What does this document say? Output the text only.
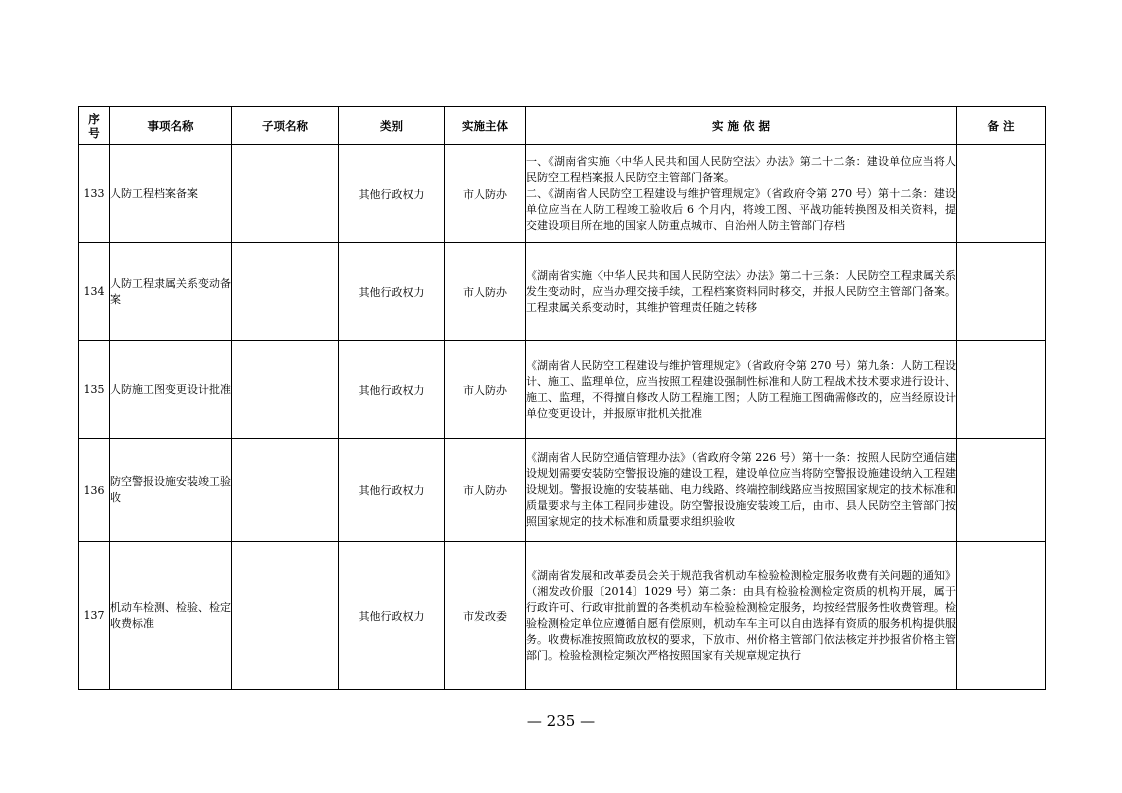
序
号	事项名称	子项名称	类别	实施主体	实 施 依 据	备 注
133	人防工程档案备案		其他行政权力	市人防办	一、《湖南省实施〈中华人民共和国人民防空法〉办法》第二十二条：建设单位应当将人民防空工程档案报人民防空主管部门备案。
二、《湖南省人民防空工程建设与维护管理规定》（省政府令第 270 号）第十二条：建设单位应当在人防工程竣工验收后 6 个月内，将竣工图、平战功能转换图及相关资料，提交建设项目所在地的国家人防重点城市、自治州人防主管部门存档	
134	人防工程隶属关系变动备案		其他行政权力	市人防办	《湖南省实施〈中华人民共和国人民防空法〉办法》第二十三条：人民防空工程隶属关系发生变动时，应当办理交接手续，工程档案资料同时移交，并报人民防空主管部门备案。工程隶属关系变动时，其维护管理责任随之转移	
135	人防施工图变更设计批准		其他行政权力	市人防办	《湖南省人民防空工程建设与维护管理规定》（省政府令第 270 号）第九条：人防工程设计、施工、监理单位，应当按照工程建设强制性标准和人防工程战术技术要求进行设计、施工、监理，不得擅自修改人防工程施工图；人防工程施工图确需修改的，应当经原设计单位变更设计，并报原审批机关批准	
136	防空警报设施安装竣工验收		其他行政权力	市人防办	《湖南省人民防空通信管理办法》（省政府令第 226 号）第十一条：按照人民防空通信建设规划需要安装防空警报设施的建设工程，建设单位应当将防空警报设施建设纳入工程建设规划。警报设施的安装基础、电力线路、终端控制线路应当按照国家规定的技术标准和质量要求与主体工程同步建设。防空警报设施安装竣工后，由市、县人民防空主管部门按照国家规定的技术标准和质量要求组织验收	
137	机动车检测、检验、检定收费标准		其他行政权力	市发改委	《湖南省发展和改革委员会关于规范我省机动车检验检测检定服务收费有关问题的通知》（湘发改价服〔2014〕1029 号）第二条：由具有检验检测检定资质的机构开展，属于行政许可、行政审批前置的各类机动车检验检测检定服务，均按经营服务性收费管理。检验检测检定单位应遵循自愿有偿原则，机动车车主可以自由选择有资质的服务机构提供服务。收费标准按照简政放权的要求，下放市、州价格主管部门依法核定并抄报省价格主管部门。检验检测检定频次严格按照国家有关规章规定执行	
— 235 —
